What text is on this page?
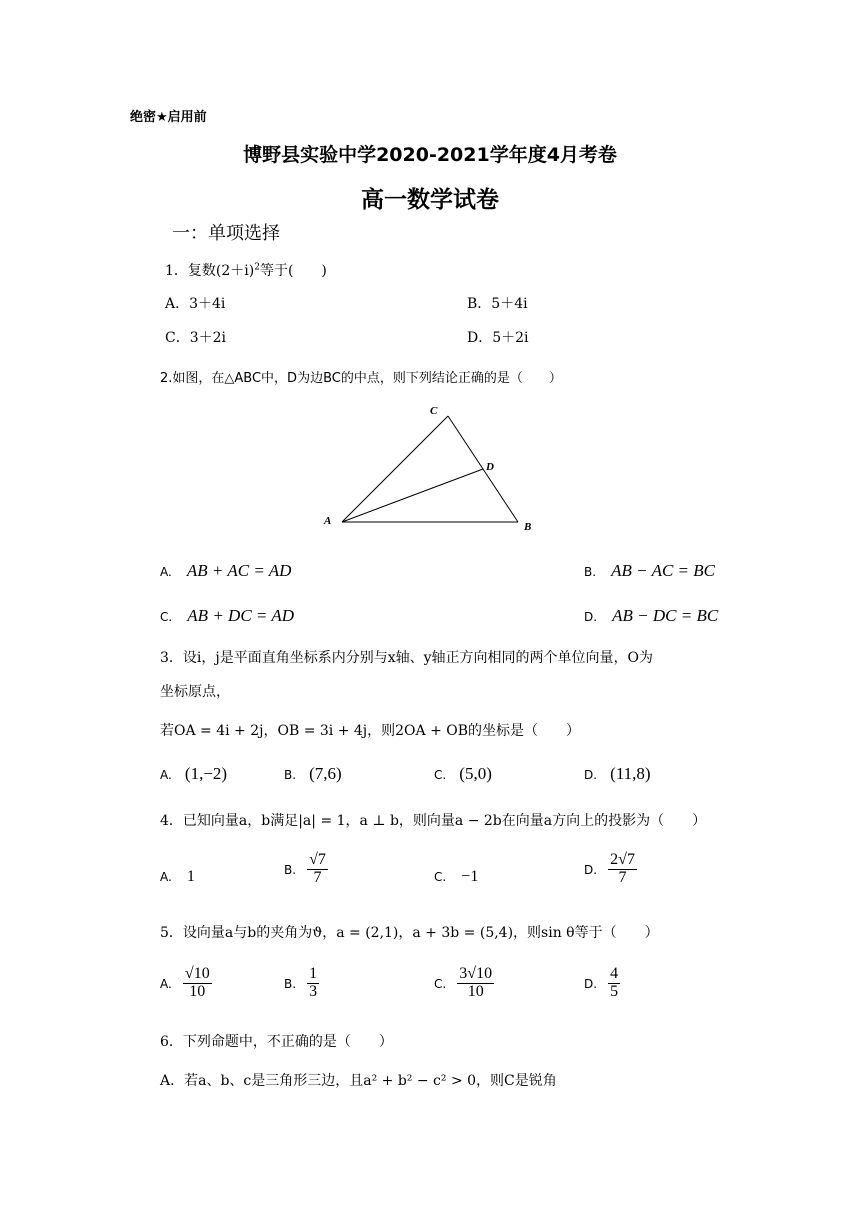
绝密★启用前
博野县实验中学2020-2021学年度4月考卷
高一数学试卷
一：单项选择
1．复数$(2+i)^2$等于(　　)
A．3＋4i	B．5＋4i
C．3＋2i	D．5＋2i
2.如图，在△ABC中，D为边BC的中点，则下列结论正确的是（　　）
A	B
C
D
A. AB + AC = AD	B. AB − AC = BC
C. AB + DC = AD	D. AB − DC = BC
3．设i，j是平面直角坐标系内分别与x轴、y轴正方向相同的两个单位向量，O为
坐标原点，
若OA = 4i + 2j，OB = 3i + 4j，则2OA + OB的坐标是（　　）
A. (1,−2)	B. (7,6)	C. (5,0)	D. (11,8)
4．已知向量a，b满足|a| = 1，a ⊥ b，则向量a − 2b在向量a方向上的投影为（　　）
A. 1	B. $\frac{√7}{7}$	C. −1	D. $\frac{2√7}{7}$
5．设向量a与b的夹角为ϑ，a = (2,1)，a + 3b = (5,4)，则sin θ等于（　　）
A. $\frac{√10}{10}$	B. $\frac{1}{3}$	C. $\frac{3√10}{10}$	D. $\frac{4}{5}$
6．下列命题中，不正确的是（　　）
A．若a、b、c是三角形三边，且a² + b² − c² > 0，则C是锐角
